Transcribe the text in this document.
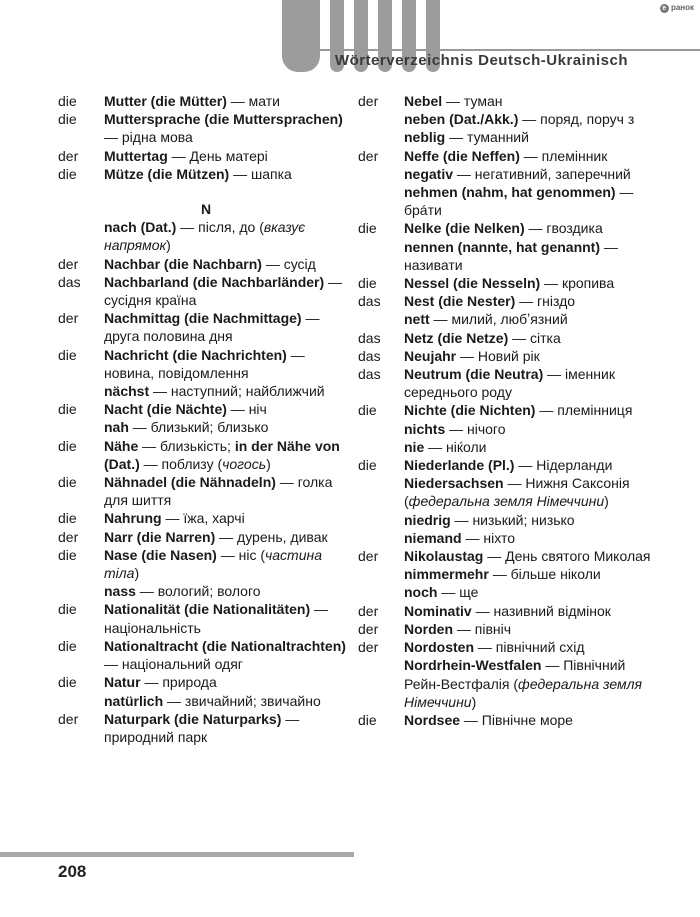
Wörterverzeichnis Deutsch-Ukrainisch
e ранок
die	Mutter (die Mütter) — мати
die	Muttersprache (die Muttersprachen) — рідна мова
der	Muttertag — День матері
die	Mütze (die Mützen) — шапка
N
nach (Dat.) — після, до (вказує напрямок)
der	Nachbar (die Nachbarn) — сусід
das	Nachbarland (die Nachbarländer) — сусідня країна
der	Nachmittag (die Nachmittage) — друга половина дня
die	Nachricht (die Nachrichten) — новина, повідомлення
nächst — наступний; найближчий
die	Nacht (die Nächte) — ніч
nah — близький; близько
die	Nähe — близькість; in der Nähe von (Dat.) — поблизу (чогось)
die	Nähnadel (die Nähnadeln) — голка для шиття
die	Nahrung — їжа, харчі
der	Narr (die Narren) — дурень, дивак
die	Nase (die Nasen) — ніс (частина тіла)
nass — вологий; волого
die	Nationalität (die Nationalitäten) — національність
die	Nationaltracht (die Nationaltrachten) — національний одяг
die	Natur — природа
natürlich — звичайний; звичайно
der	Naturpark (die Naturparks) — природний парк
der	Nebel — туман
neben (Dat./Akk.) — поряд, поруч з
neblig — туманний
der	Neffe (die Neffen) — племінник
negativ — негативний, заперечний
nehmen (nahm, hat genommen) — брáти
die	Nelke (die Nelken) — гвоздика
nennen (nannte, hat genannt) — називати
die	Nessel (die Nesseln) — кропива
das	Nest (die Nester) — гніздо
nett — милий, любʼязний
das	Netz (die Netze) — сітка
das	Neujahr — Новий рік
das	Neutrum (die Neutra) — іменник середнього роду
die	Nichte (die Nichten) — племінниця
nichts — нічого
nie — ніќоли
die	Niederlande (Pl.) — Нідерланди
Niedersachsen — Нижня Саксонія (федеральна земля Німеччини)
niedrig — низький; низько
niemand — ніхто
der	Nikolaustag — День святого Миколая
nimmermehr — більше ніколи
noch — ще
der	Nominativ — називний відмінок
der	Norden — північ
der	Nordosten — північний схід
Nordrhein-Westfalen — Північний Рейн-Вестфалія (федеральна земля Німеччини)
die	Nordsee — Північне море
208
